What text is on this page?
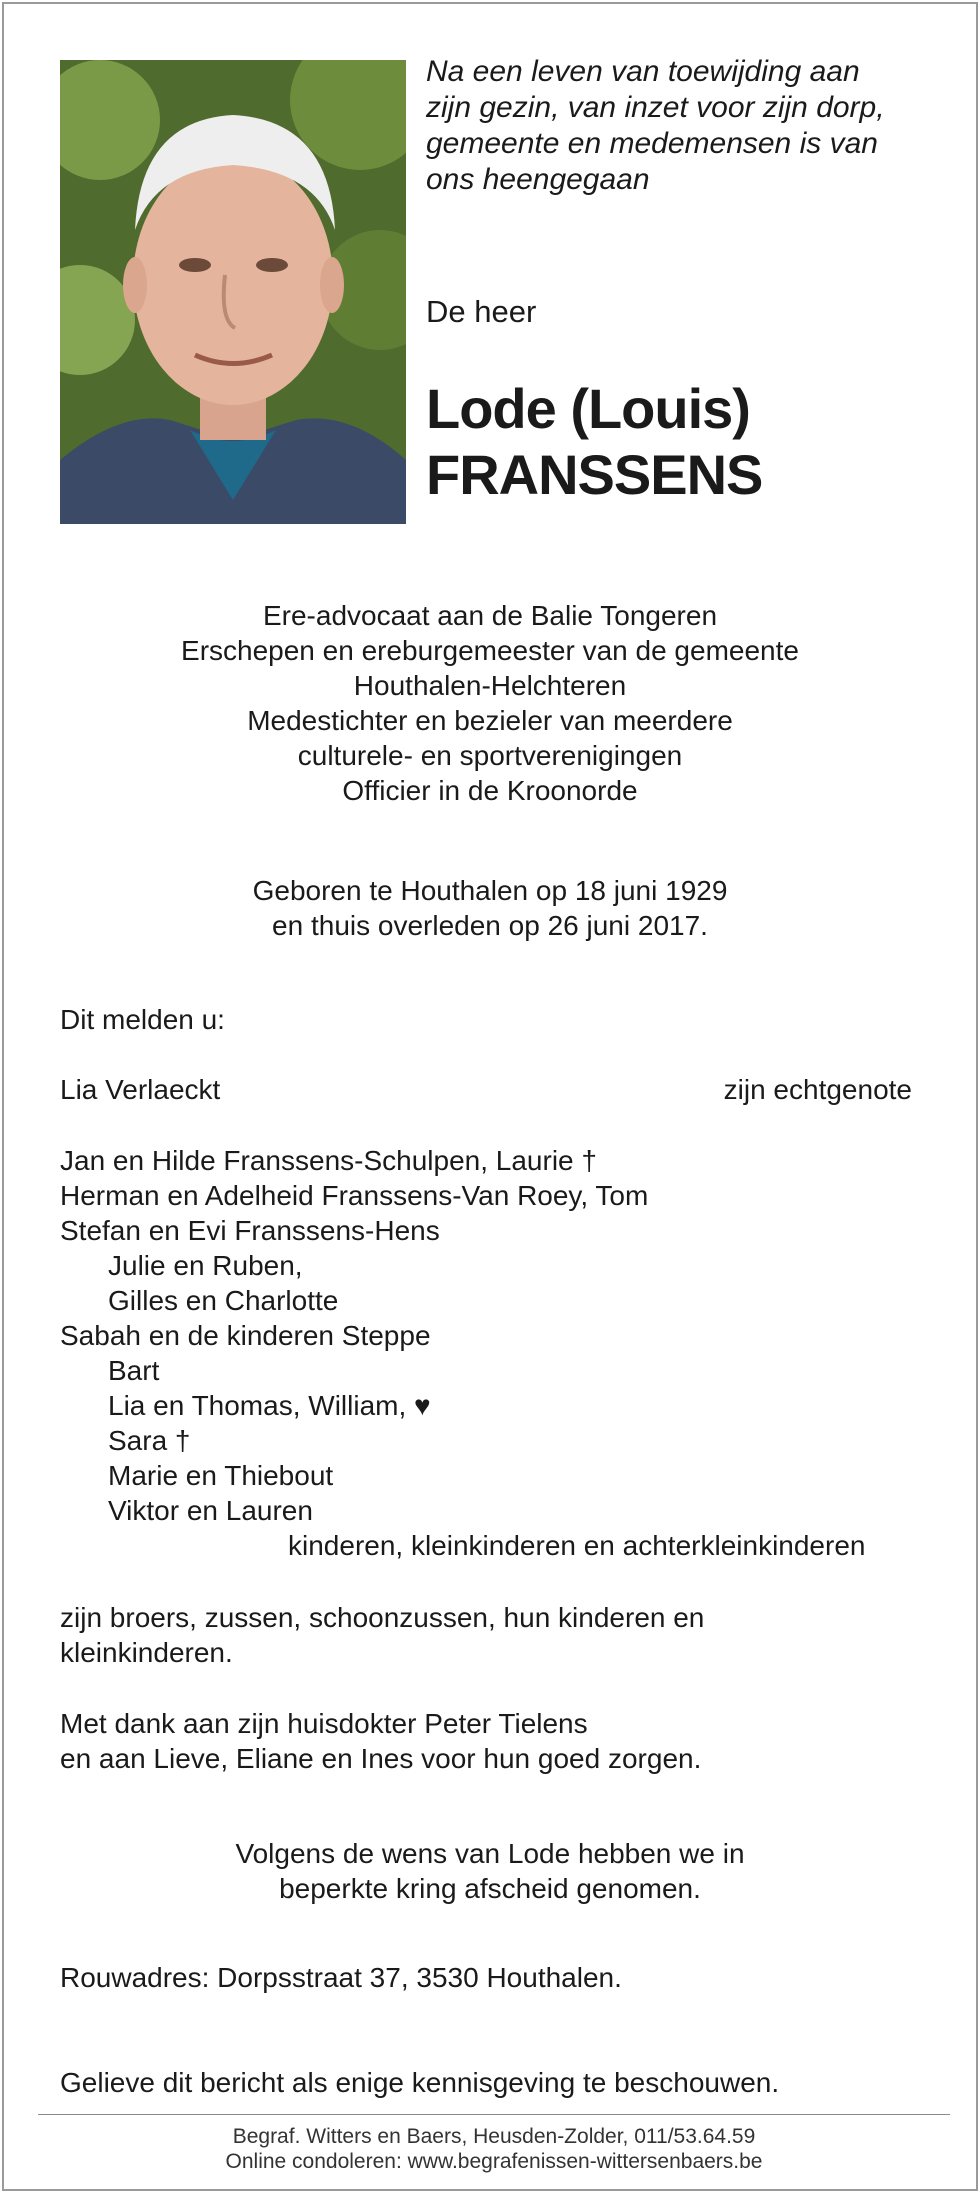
Na een leven van toewijding aan
zijn gezin, van inzet voor zijn dorp,
gemeente en medemensen is van
ons heengegaan

De heer

Lode (Louis)
FRANSSENS
Ere-advocaat aan de Balie Tongeren
Erschepen en ereburgemeester van de gemeente
Houthalen-Helchteren
Medestichter en bezieler van meerdere
culturele- en sportverenigingen
Officier in de Kroonorde
Geboren te Houthalen op 18 juni 1929
en thuis overleden op 26 juni 2017.
Dit melden u:
Lia Verlaeckt	zijn echtgenote
Jan en Hilde Franssens-Schulpen, Laurie †
Herman en Adelheid Franssens-Van Roey, Tom
Stefan en Evi Franssens-Hens
Julie en Ruben,
Gilles en Charlotte
Sabah en de kinderen Steppe
Bart
Lia en Thomas, William, ♥
Sara †
Marie en Thiebout
Viktor en Lauren
kinderen, kleinkinderen en achterkleinkinderen
zijn broers, zussen, schoonzussen, hun kinderen en
kleinkinderen.
Met dank aan zijn huisdokter Peter Tielens
en aan Lieve, Eliane en Ines voor hun goed zorgen.
Volgens de wens van Lode hebben we in
beperkte kring afscheid genomen.
Rouwadres: Dorpsstraat 37, 3530 Houthalen.
Gelieve dit bericht als enige kennisgeving te beschouwen.
Begraf. Witters en Baers, Heusden-Zolder, 011/53.64.59
Online condoleren: www.begrafenissen-wittersenbaers.be
